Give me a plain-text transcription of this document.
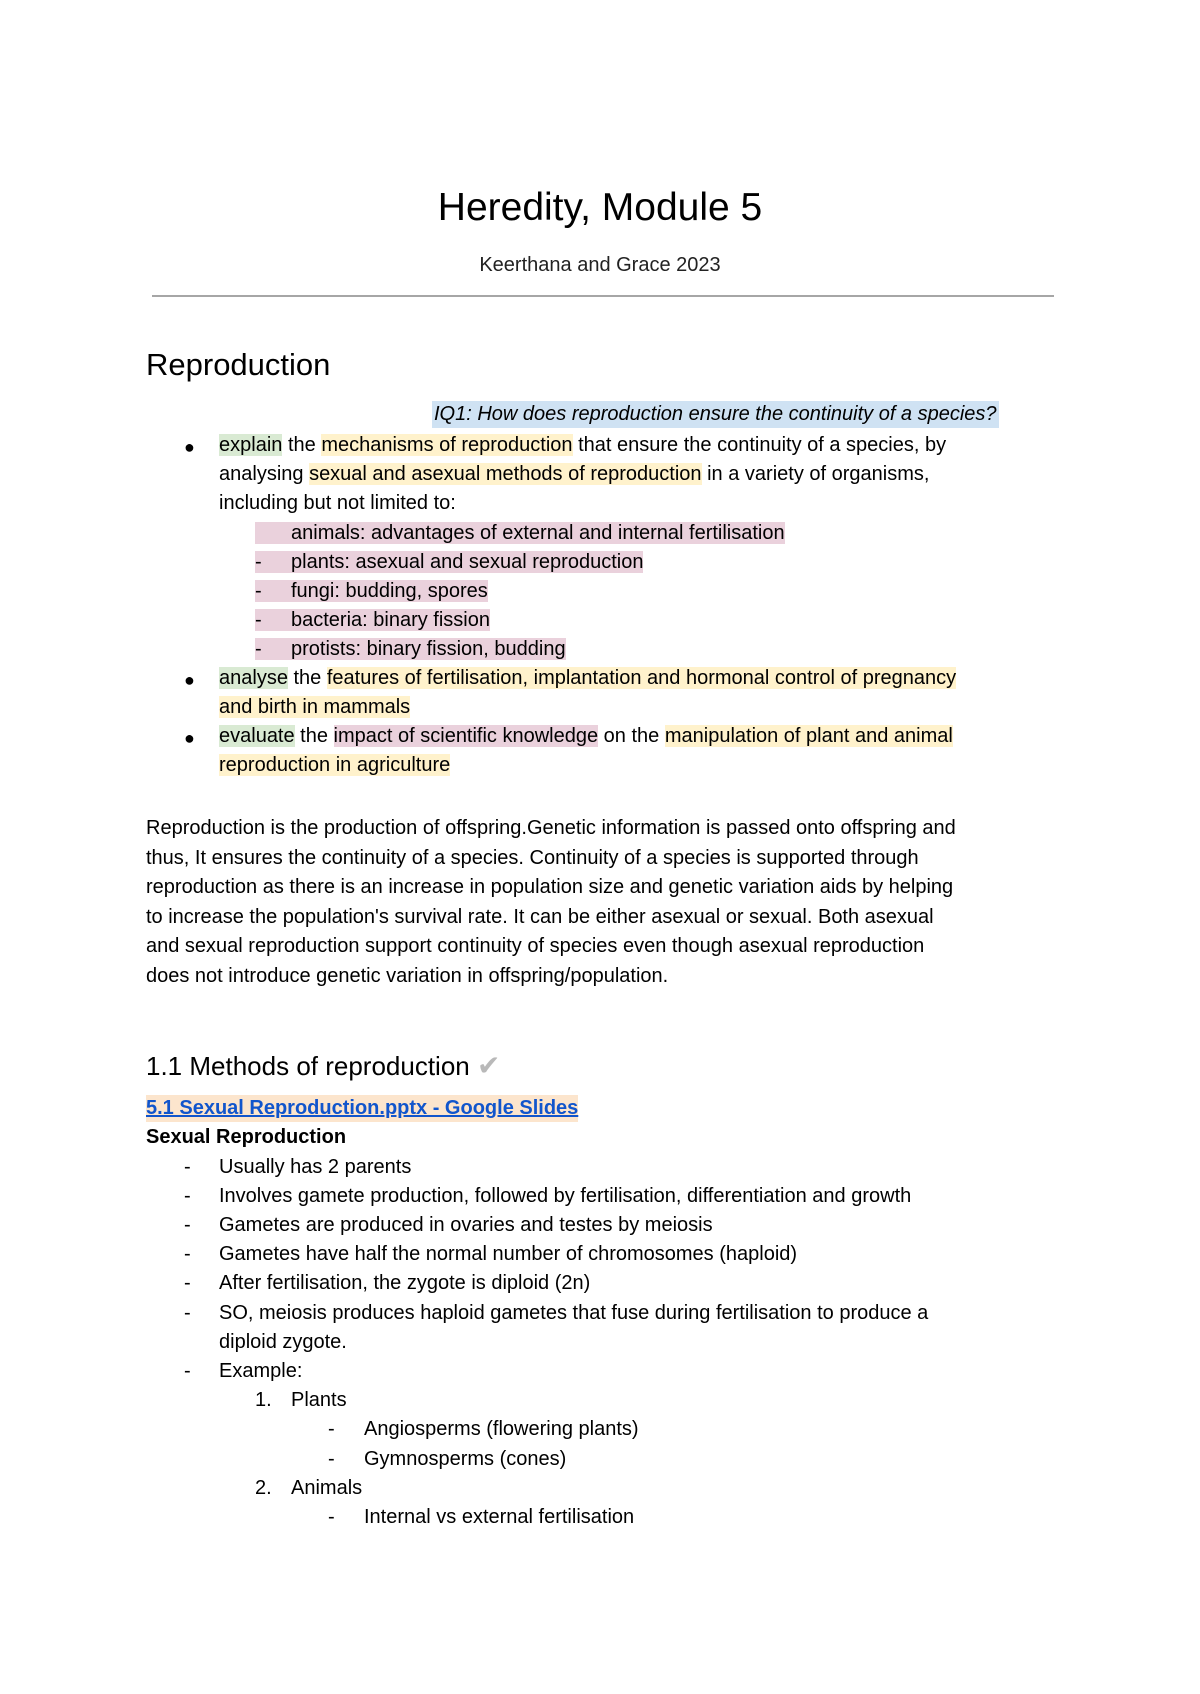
Heredity, Module 5
Keerthana and Grace 2023
Reproduction
IQ1: How does reproduction ensure the continuity of a species?
● explain the mechanisms of reproduction that ensure the continuity of a species, by
analysing sexual and asexual methods of reproduction in a variety of organisms,
including but not limited to:
animals: advantages of external and internal fertilisation
- plants: asexual and sexual reproduction
- fungi: budding, spores
- bacteria: binary fission
- protists: binary fission, budding
● analyse the features of fertilisation, implantation and hormonal control of pregnancy
and birth in mammals
● evaluate the impact of scientific knowledge on the manipulation of plant and animal
reproduction in agriculture
Reproduction is the production of offspring.Genetic information is passed onto offspring and
thus, It ensures the continuity of a species. Continuity of a species is supported through
reproduction as there is an increase in population size and genetic variation aids by helping
to increase the population's survival rate. It can be either asexual or sexual. Both asexual
and sexual reproduction support continuity of species even though asexual reproduction
does not introduce genetic variation in offspring/population.
1.1 Methods of reproduction ✔
5.1 Sexual Reproduction.pptx - Google Slides
Sexual Reproduction
- Usually has 2 parents
- Involves gamete production, followed by fertilisation, differentiation and growth
- Gametes are produced in ovaries and testes by meiosis
- Gametes have half the normal number of chromosomes (haploid)
- After fertilisation, the zygote is diploid (2n)
- SO, meiosis produces haploid gametes that fuse during fertilisation to produce a
diploid zygote.
- Example:
1. Plants
- Angiosperms (flowering plants)
- Gymnosperms (cones)
2. Animals
- Internal vs external fertilisation
